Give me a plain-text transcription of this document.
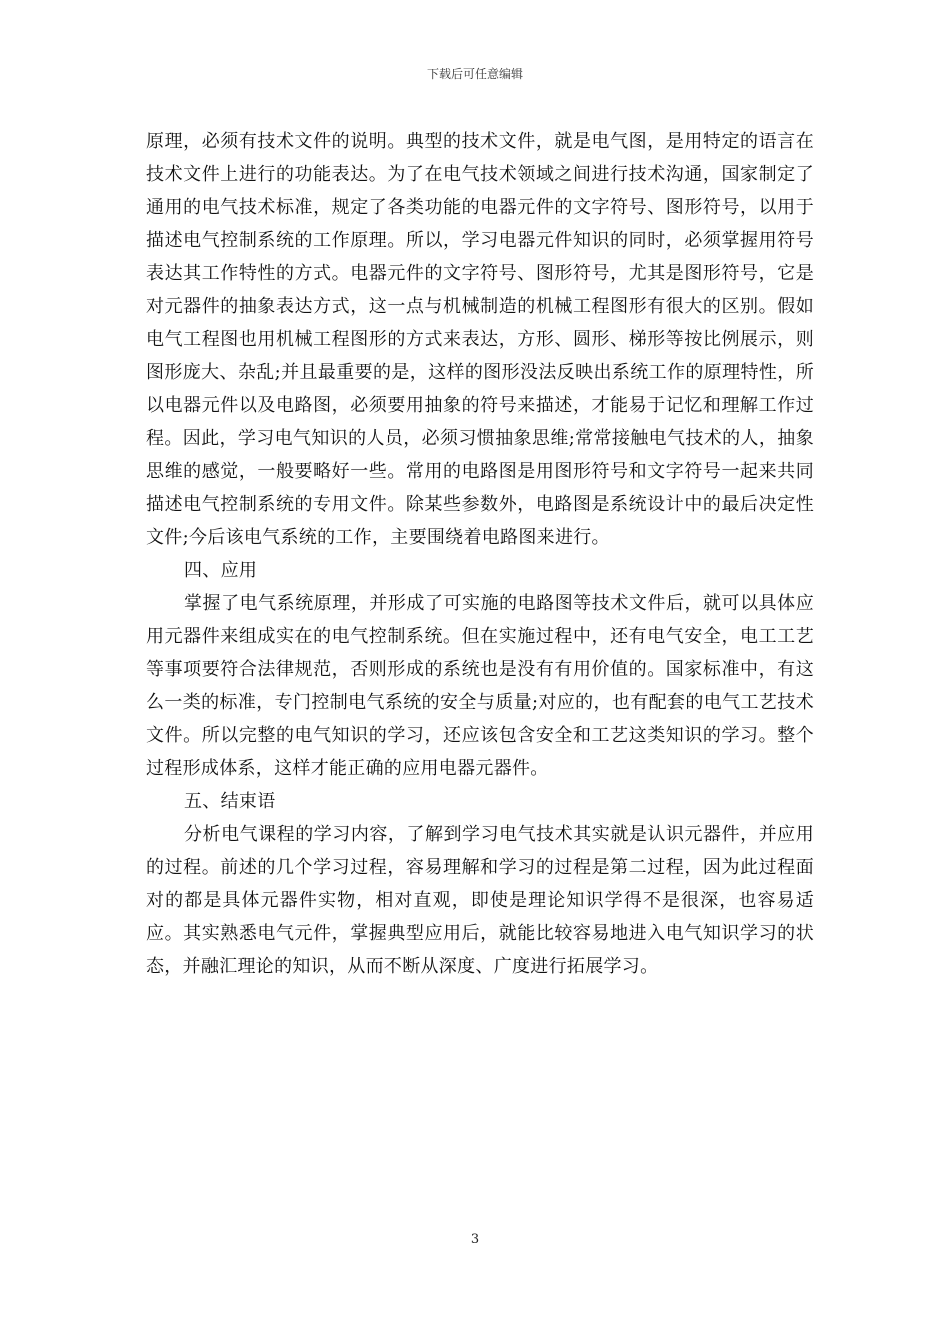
下载后可任意编辑

原理，必须有技术文件的说明。典型的技术文件，就是电气图，是用特定的语言在技术文件上进行的功能表达。为了在电气技术领域之间进行技术沟通，国家制定了通用的电气技术标准，规定了各类功能的电器元件的文字符号、图形符号，以用于描述电气控制系统的工作原理。所以，学习电器元件知识的同时，必须掌握用符号表达其工作特性的方式。电器元件的文字符号、图形符号，尤其是图形符号，它是对元器件的抽象表达方式，这一点与机械制造的机械工程图形有很大的区别。假如电气工程图也用机械工程图形的方式来表达，方形、圆形、梯形等按比例展示，则图形庞大、杂乱;并且最重要的是，这样的图形没法反映出系统工作的原理特性，所以电器元件以及电路图，必须要用抽象的符号来描述，才能易于记忆和理解工作过程。因此，学习电气知识的人员，必须习惯抽象思维;常常接触电气技术的人，抽象思维的感觉，一般要略好一些。常用的电路图是用图形符号和文字符号一起来共同描述电气控制系统的专用文件。除某些参数外，电路图是系统设计中的最后决定性文件;今后该电气系统的工作，主要围绕着电路图来进行。

四、应用

掌握了电气系统原理，并形成了可实施的电路图等技术文件后，就可以具体应用元器件来组成实在的电气控制系统。但在实施过程中，还有电气安全，电工工艺等事项要符合法律规范，否则形成的系统也是没有有用价值的。国家标准中，有这么一类的标准，专门控制电气系统的安全与质量;对应的，也有配套的电气工艺技术文件。所以完整的电气知识的学习，还应该包含安全和工艺这类知识的学习。整个过程形成体系，这样才能正确的应用电器元器件。

五、结束语

分析电气课程的学习内容，了解到学习电气技术其实就是认识元器件，并应用的过程。前述的几个学习过程，容易理解和学习的过程是第二过程，因为此过程面对的都是具体元器件实物，相对直观，即使是理论知识学得不是很深，也容易适应。其实熟悉电气元件，掌握典型应用后，就能比较容易地进入电气知识学习的状态，并融汇理论的知识，从而不断从深度、广度进行拓展学习。

3
